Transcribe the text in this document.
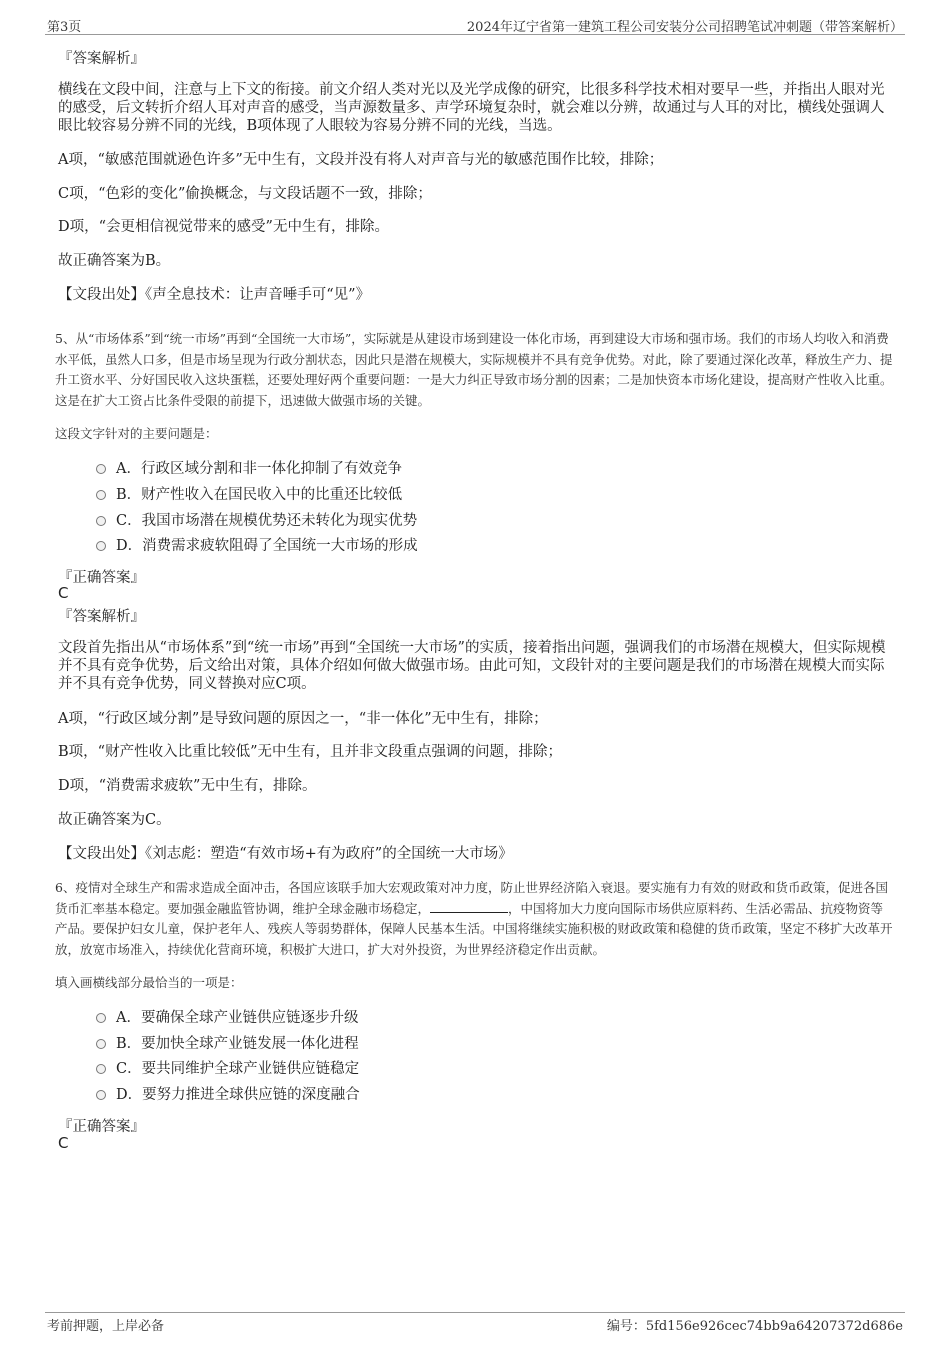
第3页	2024年辽宁省第一建筑工程公司安装分公司招聘笔试冲刺题（带答案解析）
『答案解析』
横线在文段中间，注意与上下文的衔接。前文介绍人类对光以及光学成像的研究，比很多科学技术相对要早一些，并指出人眼对光的感受，后文转折介绍人耳对声音的感受，当声源数量多、声学环境复杂时，就会难以分辨，故通过与人耳的对比，横线处强调人眼比较容易分辨不同的光线，B项体现了人眼较为容易分辨不同的光线，当选。
A项，“敏感范围就逊色许多”无中生有，文段并没有将人对声音与光的敏感范围作比较，排除；
C项，“色彩的变化”偷换概念，与文段话题不一致，排除；
D项，“会更相信视觉带来的感受”无中生有，排除。
故正确答案为B。
【文段出处】《声全息技术：让声音唾手可“见”》
5、从“市场体系”到“统一市场”再到“全国统一大市场”，实际就是从建设市场到建设一体化市场，再到建设大市场和强市场。我们的市场人均收入和消费水平低，虽然人口多，但是市场呈现为行政分割状态，因此只是潜在规模大，实际规模并不具有竞争优势。对此，除了要通过深化改革，释放生产力、提升工资水平、分好国民收入这块蛋糕，还要处理好两个重要问题：一是大力纠正导致市场分割的因素；二是加快资本市场化建设，提高财产性收入比重。这是在扩大工资占比条件受限的前提下，迅速做大做强市场的关键。
这段文字针对的主要问题是：
A．行政区域分割和非一体化抑制了有效竞争
B．财产性收入在国民收入中的比重还比较低
C．我国市场潜在规模优势还未转化为现实优势
D．消费需求疲软阻碍了全国统一大市场的形成
『正确答案』
C
『答案解析』
文段首先指出从“市场体系”到“统一市场”再到“全国统一大市场”的实质，接着指出问题，强调我们的市场潜在规模大，但实际规模并不具有竞争优势，后文给出对策，具体介绍如何做大做强市场。由此可知，文段针对的主要问题是我们的市场潜在规模大而实际并不具有竞争优势，同义替换对应C项。
A项，“行政区域分割”是导致问题的原因之一，“非一体化”无中生有，排除；
B项，“财产性收入比重比较低”无中生有，且并非文段重点强调的问题，排除；
D项，“消费需求疲软”无中生有，排除。
故正确答案为C。
【文段出处】《刘志彪：塑造“有效市场+有为政府”的全国统一大市场》
6、疫情对全球生产和需求造成全面冲击，各国应该联手加大宏观政策对冲力度，防止世界经济陷入衰退。要实施有力有效的财政和货币政策，促进各国货币汇率基本稳定。要加强金融监管协调，维护全球金融市场稳定，	，中国将加大力度向国际市场供应原料药、生活必需品、抗疫物资等产品。要保护妇女儿童，保护老年人、残疾人等弱势群体，保障人民基本生活。中国将继续实施积极的财政政策和稳健的货币政策，坚定不移扩大改革开放，放宽市场准入，持续优化营商环境，积极扩大进口，扩大对外投资，为世界经济稳定作出贡献。
填入画横线部分最恰当的一项是：
A．要确保全球产业链供应链逐步升级
B．要加快全球产业链发展一体化进程
C．要共同维护全球产业链供应链稳定
D．要努力推进全球供应链的深度融合
『正确答案』
C
考前押题，上岸必备	编号：5fd156e926cec74bb9a64207372d686e
